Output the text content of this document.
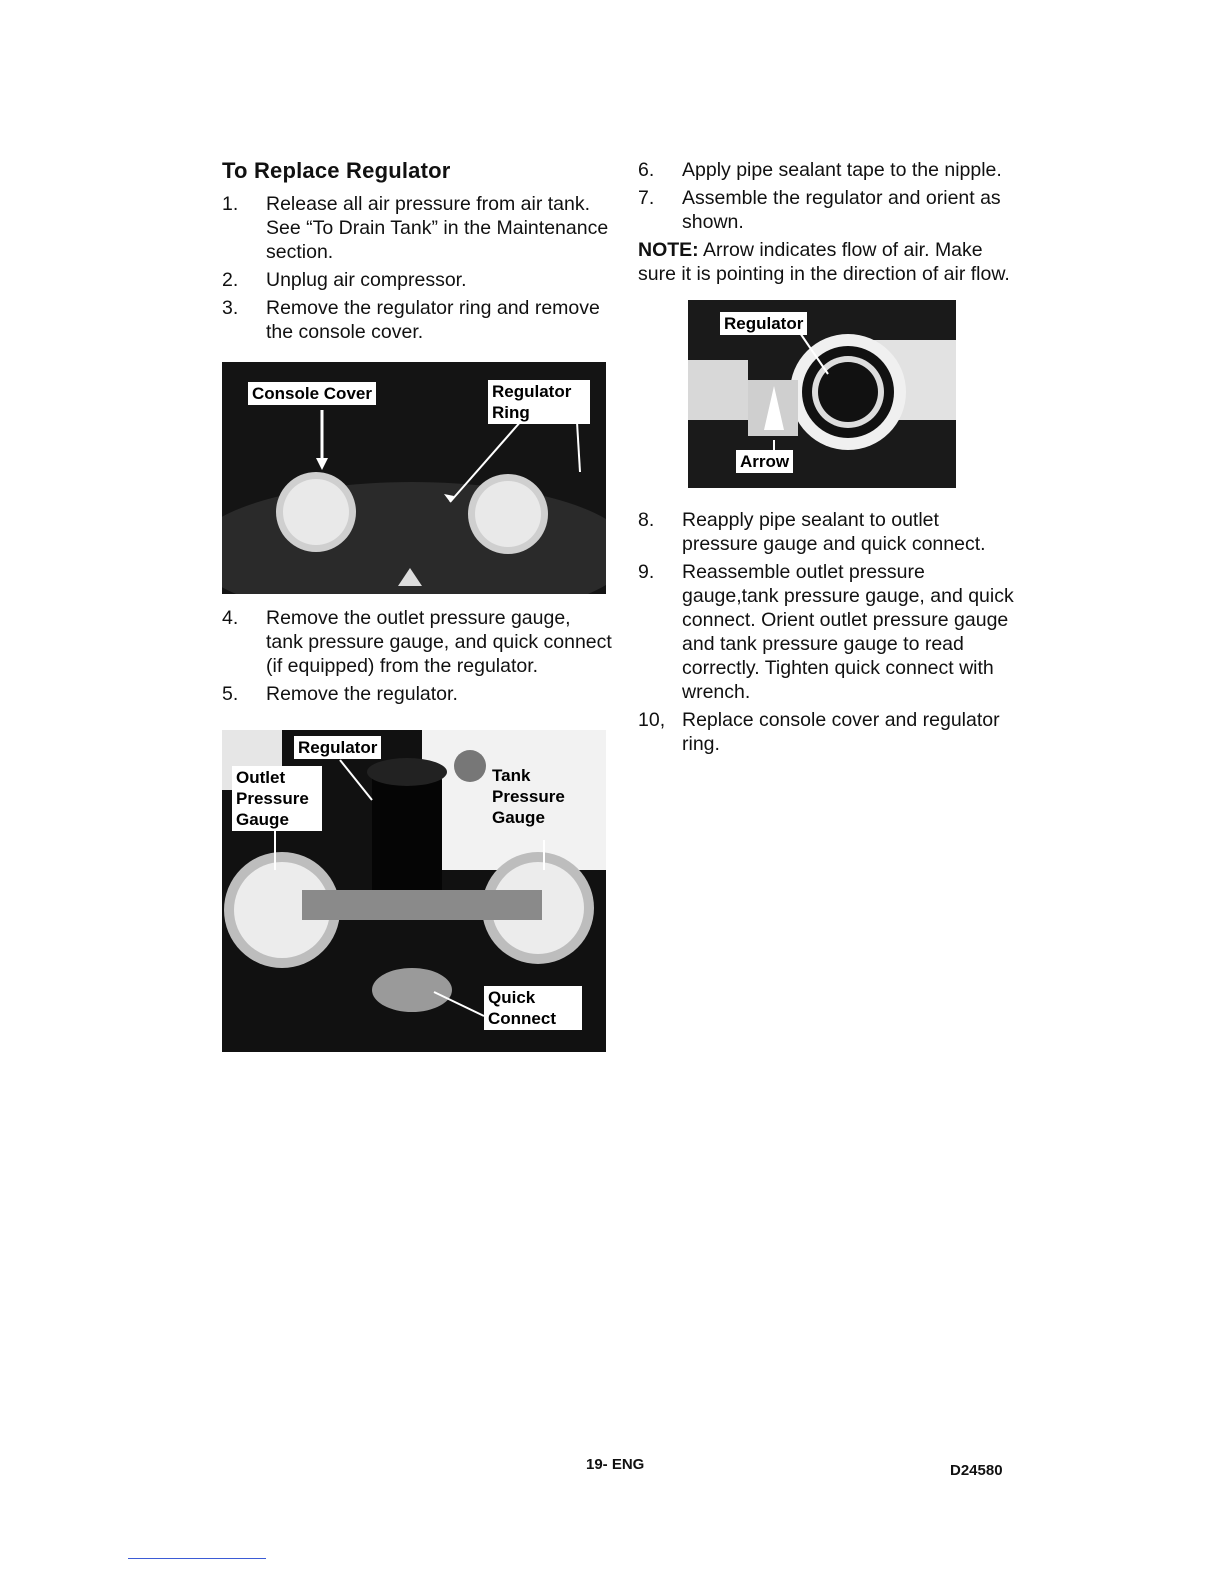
To Replace Regulator
1.	Release all air pressure from air tank. See “To Drain Tank” in the Maintenance section.
2.	Unplug air compressor.
3.	Remove the regulator ring and remove the console cover.
Console Cover	Regulator Ring
4.	Remove the outlet pressure gauge, tank pressure gauge, and quick connect (if equipped) from the regulator.
5.	Remove the regulator.
Regulator
Outlet Pressure Gauge
Tank Pressure Gauge
Quick Connect
6.	Apply pipe sealant tape to the nipple.
7.	Assemble the regulator and orient as shown.

NOTE: Arrow indicates flow of air. Make sure it is pointing in the direction of air flow.

Regulator
Arrow
8.	Reapply pipe sealant to outlet pressure gauge and quick connect.
9.	Reassemble outlet pressure gauge,tank pressure gauge, and quick connect. Orient outlet pressure gauge and tank pressure gauge to read correctly. Tighten quick connect with wrench.
10, Replace console cover and regulator ring.
19- ENG	D24580
